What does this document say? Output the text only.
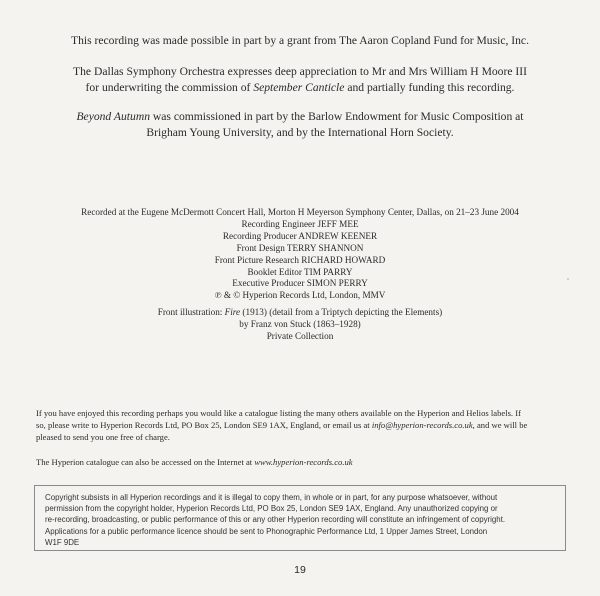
This recording was made possible in part by a grant from The Aaron Copland Fund for Music, Inc.

The Dallas Symphony Orchestra expresses deep appreciation to Mr and Mrs William H Moore III

for underwriting the commission of September Canticle and partially funding this recording.

Beyond Autumn was commissioned in part by the Barlow Endowment for Music Composition at

Brigham Young University, and by the International Horn Society.

Recorded at the Eugene McDermott Concert Hall, Morton H Meyerson Symphony Center, Dallas, on 21–23 June 2004
Recording Engineer JEFF MEE
Recording Producer ANDREW KEENER
Front Design TERRY SHANNON
Front Picture Research RICHARD HOWARD
Booklet Editor TIM PARRY
Executive Producer SIMON PERRY
℗ & © Hyperion Records Ltd, London, MMV
Front illustration: Fire (1913) (detail from a Triptych depicting the Elements)
by Franz von Stuck (1863–1928)
Private Collection
If you have enjoyed this recording perhaps you would like a catalogue listing the many others available on the Hyperion and Helios labels. If
so, please write to Hyperion Records Ltd, PO Box 25, London SE9 1AX, England, or email us at info@hyperion-records.co.uk, and we will be
pleased to send you one free of charge.
The Hyperion catalogue can also be accessed on the Internet at www.hyperion-records.co.uk
Copyright subsists in all Hyperion recordings and it is illegal to copy them, in whole or in part, for any purpose whatsoever, without
permission from the copyright holder, Hyperion Records Ltd, PO Box 25, London SE9 1AX, England. Any unauthorized copying or
re-recording, broadcasting, or public performance of this or any other Hyperion recording will constitute an infringement of copyright.
Applications for a public performance licence should be sent to Phonographic Performance Ltd, 1 Upper James Street, London
W1F 9DE
19
